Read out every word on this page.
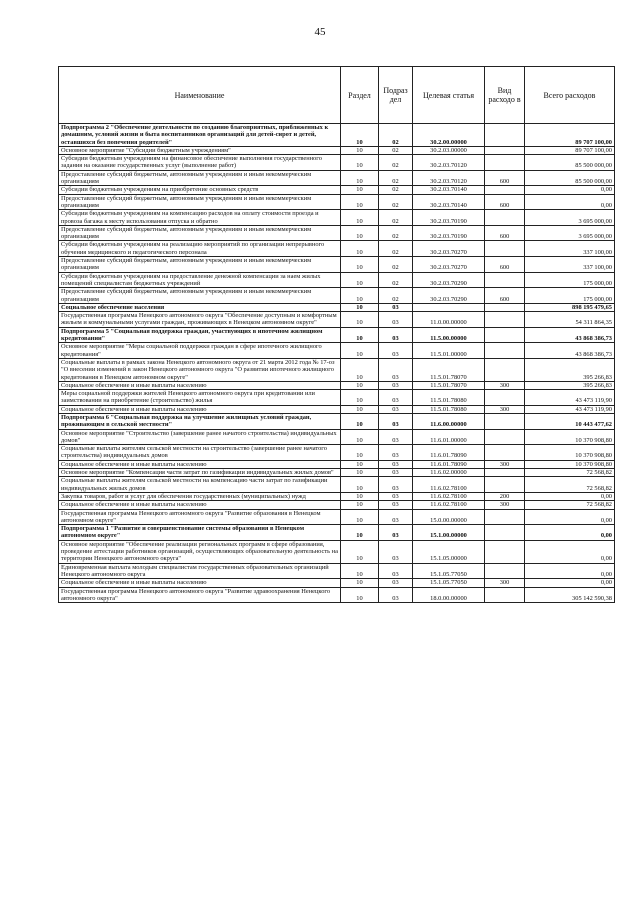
45
Наименование	Раздел	Подраз дел	Целевая статья	Вид расходо в	Всего расходов
Подпрограмма 2 "Обеспечение деятельности по созданию благоприятных, приближенных к домашним, условий жизни и быта воспитанников организаций для детей-сирот и детей, оставшихся без попечения родителей"	10	02	30.2.00.00000		89 707 100,00
Основное мероприятие "Субсидии бюджетным учреждениям"	10	02	30.2.03.00000		89 707 100,00
Субсидии бюджетным учреждениям на финансовое обеспечение выполнения государственного задания на оказание государственных услуг (выполнение работ)	10	02	30.2.03.70120		85 500 000,00
Предоставление субсидий бюджетным, автономным учреждениям и иным некоммерческим организациям	10	02	30.2.03.70120	600	85 500 000,00
Субсидии бюджетным учреждениям на приобретение основных средств	10	02	30.2.03.70140		0,00
Предоставление субсидий бюджетным, автономным учреждениям и иным некоммерческим организациям	10	02	30.2.03.70140	600	0,00
Субсидии бюджетным учреждениям на компенсацию расходов на оплату стоимости проезда и провоза багажа к месту использования отпуска и обратно	10	02	30.2.03.70190		3 695 000,00
Предоставление субсидий бюджетным, автономным учреждениям и иным некоммерческим организациям	10	02	30.2.03.70190	600	3 695 000,00
Субсидии бюджетным учреждениям на реализацию мероприятий по организации непрерывного обучения медицинского и педагогического персонала	10	02	30.2.03.70270		337 100,00
Предоставление субсидий бюджетным, автономным учреждениям и иным некоммерческим организациям	10	02	30.2.03.70270	600	337 100,00
Субсидии бюджетным учреждениям на предоставление денежной компенсации за наем жилых помещений специалистам бюджетных учреждений	10	02	30.2.03.70290		175 000,00
Предоставление субсидий бюджетным, автономным учреждениям и иным некоммерческим организациям	10	02	30.2.03.70290	600	175 000,00
Социальное обеспечение населения	10	03			898 195 479,65
Государственная программа Ненецкого автономного округа "Обеспечение доступным и комфортным жильем и коммунальными услугами граждан, проживающих в Ненецком автономном округе"	10	03	11.0.00.00000		54 311 864,35
Подпрограмма 5 "Социальная поддержка граждан, участвующих в ипотечном жилищном кредитовании"	10	03	11.5.00.00000		43 868 386,73
Основное мероприятие "Меры социальной поддержки граждан в сфере ипотечного жилищного кредитования"	10	03	11.5.01.00000		43 868 386,73
Социальные выплаты в рамках закона Ненецкого автономного округа от 21 марта 2012 года № 17-оз "О внесении изменений в закон Ненецкого автономного округа "О развитии ипотечного жилищного кредитования в Ненецком автономном округе"	10	03	11.5.01.78070		395 266,83
Социальное обеспечение и иные выплаты населению	10	03	11.5.01.78070	300	395 266,83
Меры социальной поддержки жителей Ненецкого автономного округа при кредитовании или заимствовании на приобретение (строительство) жилья	10	03	11.5.01.78080		43 473 119,90
Социальное обеспечение и иные выплаты населению	10	03	11.5.01.78080	300	43 473 119,90
Подпрограмма 6 "Социальная поддержка на улучшение жилищных условий граждан, проживающим в сельской местности"	10	03	11.6.00.00000		10 443 477,62
Основное мероприятие "Строительство (завершение ранее начатого строительства) индивидуальных домов"	10	03	11.6.01.00000		10 370 908,80
Социальные выплаты жителям сельской местности на строительство (завершение ранее начатого строительства) индивидуальных домов	10	03	11.6.01.78090		10 370 908,80
Социальное обеспечение и иные выплаты населению	10	03	11.6.01.78090	300	10 370 908,80
Основное мероприятие "Компенсация части затрат по газификации индивидуальных жилых домов"	10	03	11.6.02.00000		72 568,82
Социальные выплаты жителям сельской местности на компенсацию части затрат по газификации индивидуальных жилых домов	10	03	11.6.02.78100		72 568,82
Закупка товаров, работ и услуг для обеспечения государственных (муниципальных) нужд	10	03	11.6.02.78100	200	0,00
Социальное обеспечение и иные выплаты населению	10	03	11.6.02.78100	300	72 568,82
Государственная программа Ненецкого автономного округа "Развитие образования в Ненецком автономном округе"	10	03	15.0.00.00000		0,00
Подпрограмма 1 "Развитие и совершенствование системы образования в Ненецком автономном округе"	10	03	15.1.00.00000		0,00
Основное мероприятие "Обеспечение реализации региональных программ в сфере образования, проведение аттестации работников организаций, осуществляющих образовательную деятельность на территории Ненецкого автономного округа"	10	03	15.1.05.00000		0,00
Единовременная выплата молодым специалистам государственных образовательных организаций Ненецкого автономного округа	10	03	15.1.05.77050		0,00
Социальное обеспечение и иные выплаты населению	10	03	15.1.05.77050	300	0,00
Государственная программа Ненецкого автономного округа "Развитие здравоохранения Ненецкого автономного округа"	10	03	18.0.00.00000		305 142 590,38
